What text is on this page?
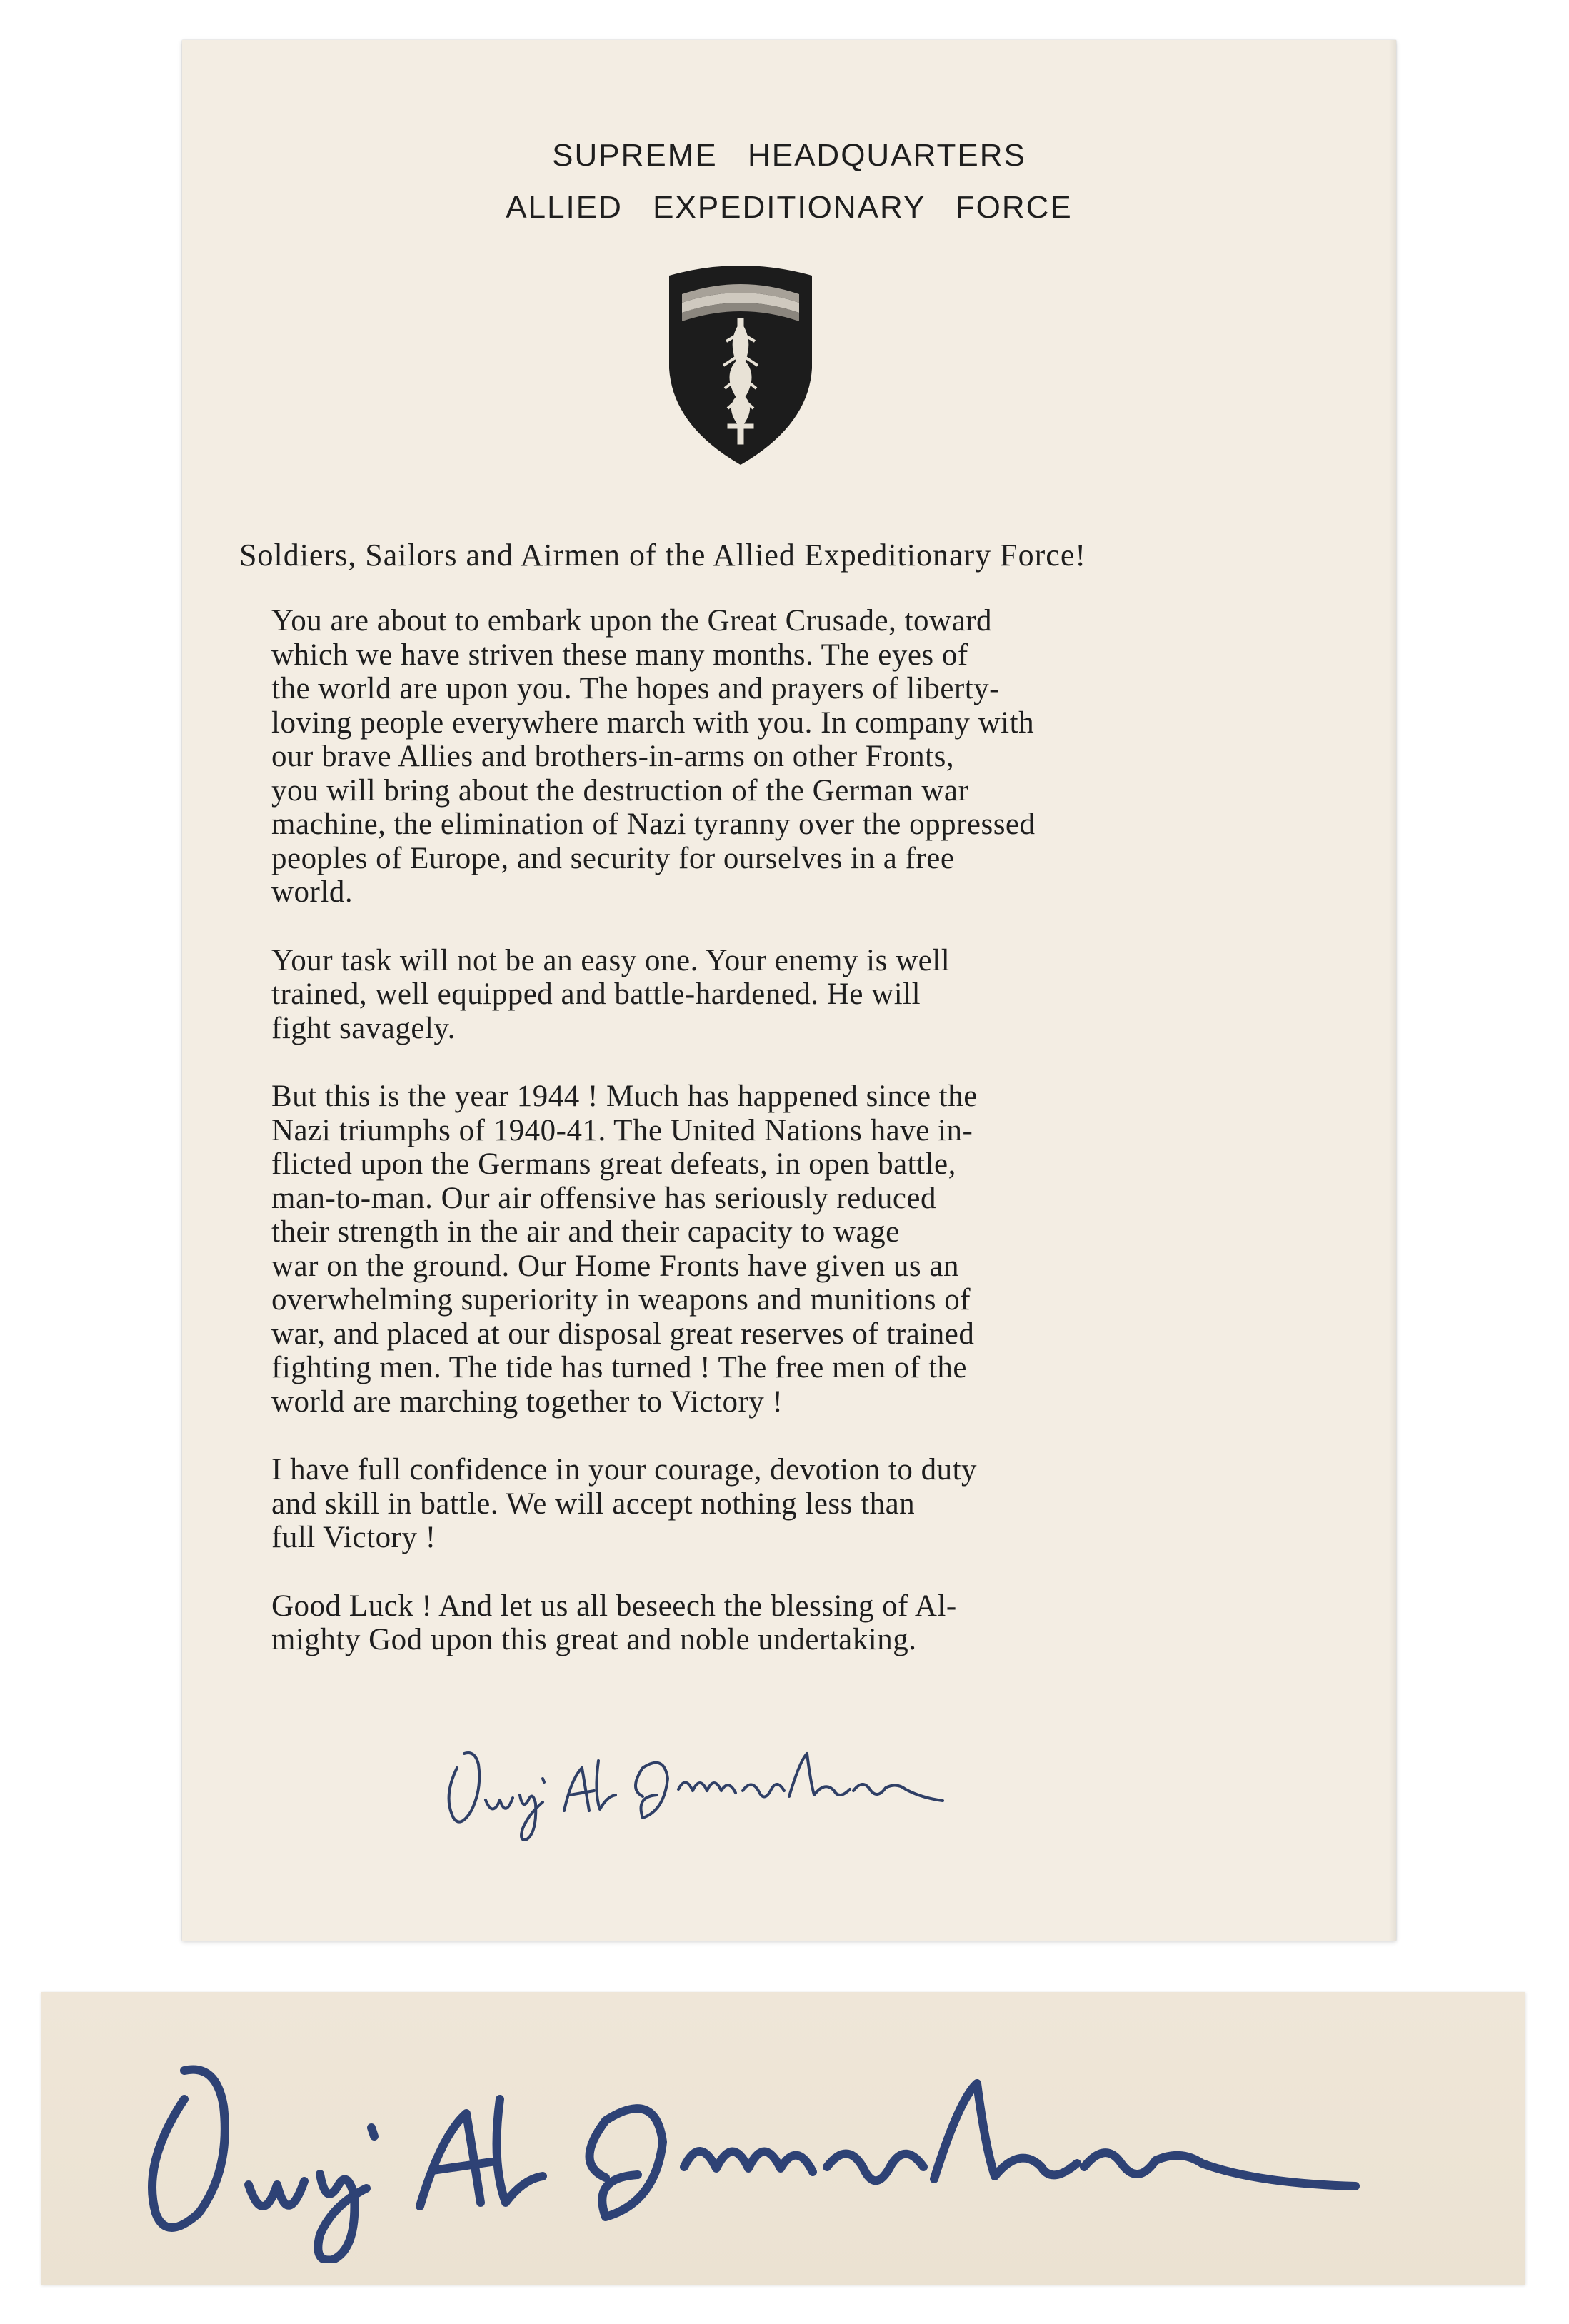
SUPREME HEADQUARTERS

ALLIED EXPEDITIONARY FORCE

Soldiers, Sailors and Airmen of the Allied Expeditionary Force!

You are about to embark upon the Great Crusade, toward
which we have striven these many months. The eyes of
the world are upon you. The hopes and prayers of liberty-
loving people everywhere march with you. In company with
our brave Allies and brothers-in-arms on other Fronts,
you will bring about the destruction of the German war
machine, the elimination of Nazi tyranny over the oppressed
peoples of Europe, and security for ourselves in a free
world.

Your task will not be an easy one. Your enemy is well
trained, well equipped and battle-hardened. He will
fight savagely.

But this is the year 1944 ! Much has happened since the
Nazi triumphs of 1940-41. The United Nations have in-
flicted upon the Germans great defeats, in open battle,
man-to-man. Our air offensive has seriously reduced
their strength in the air and their capacity to wage
war on the ground. Our Home Fronts have given us an
overwhelming superiority in weapons and munitions of
war, and placed at our disposal great reserves of trained
fighting men. The tide has turned ! The free men of the
world are marching together to Victory !

I have full confidence in your courage, devotion to duty
and skill in battle. We will accept nothing less than
full Victory !

Good Luck ! And let us all beseech the blessing of Al-
mighty God upon this great and noble undertaking.
